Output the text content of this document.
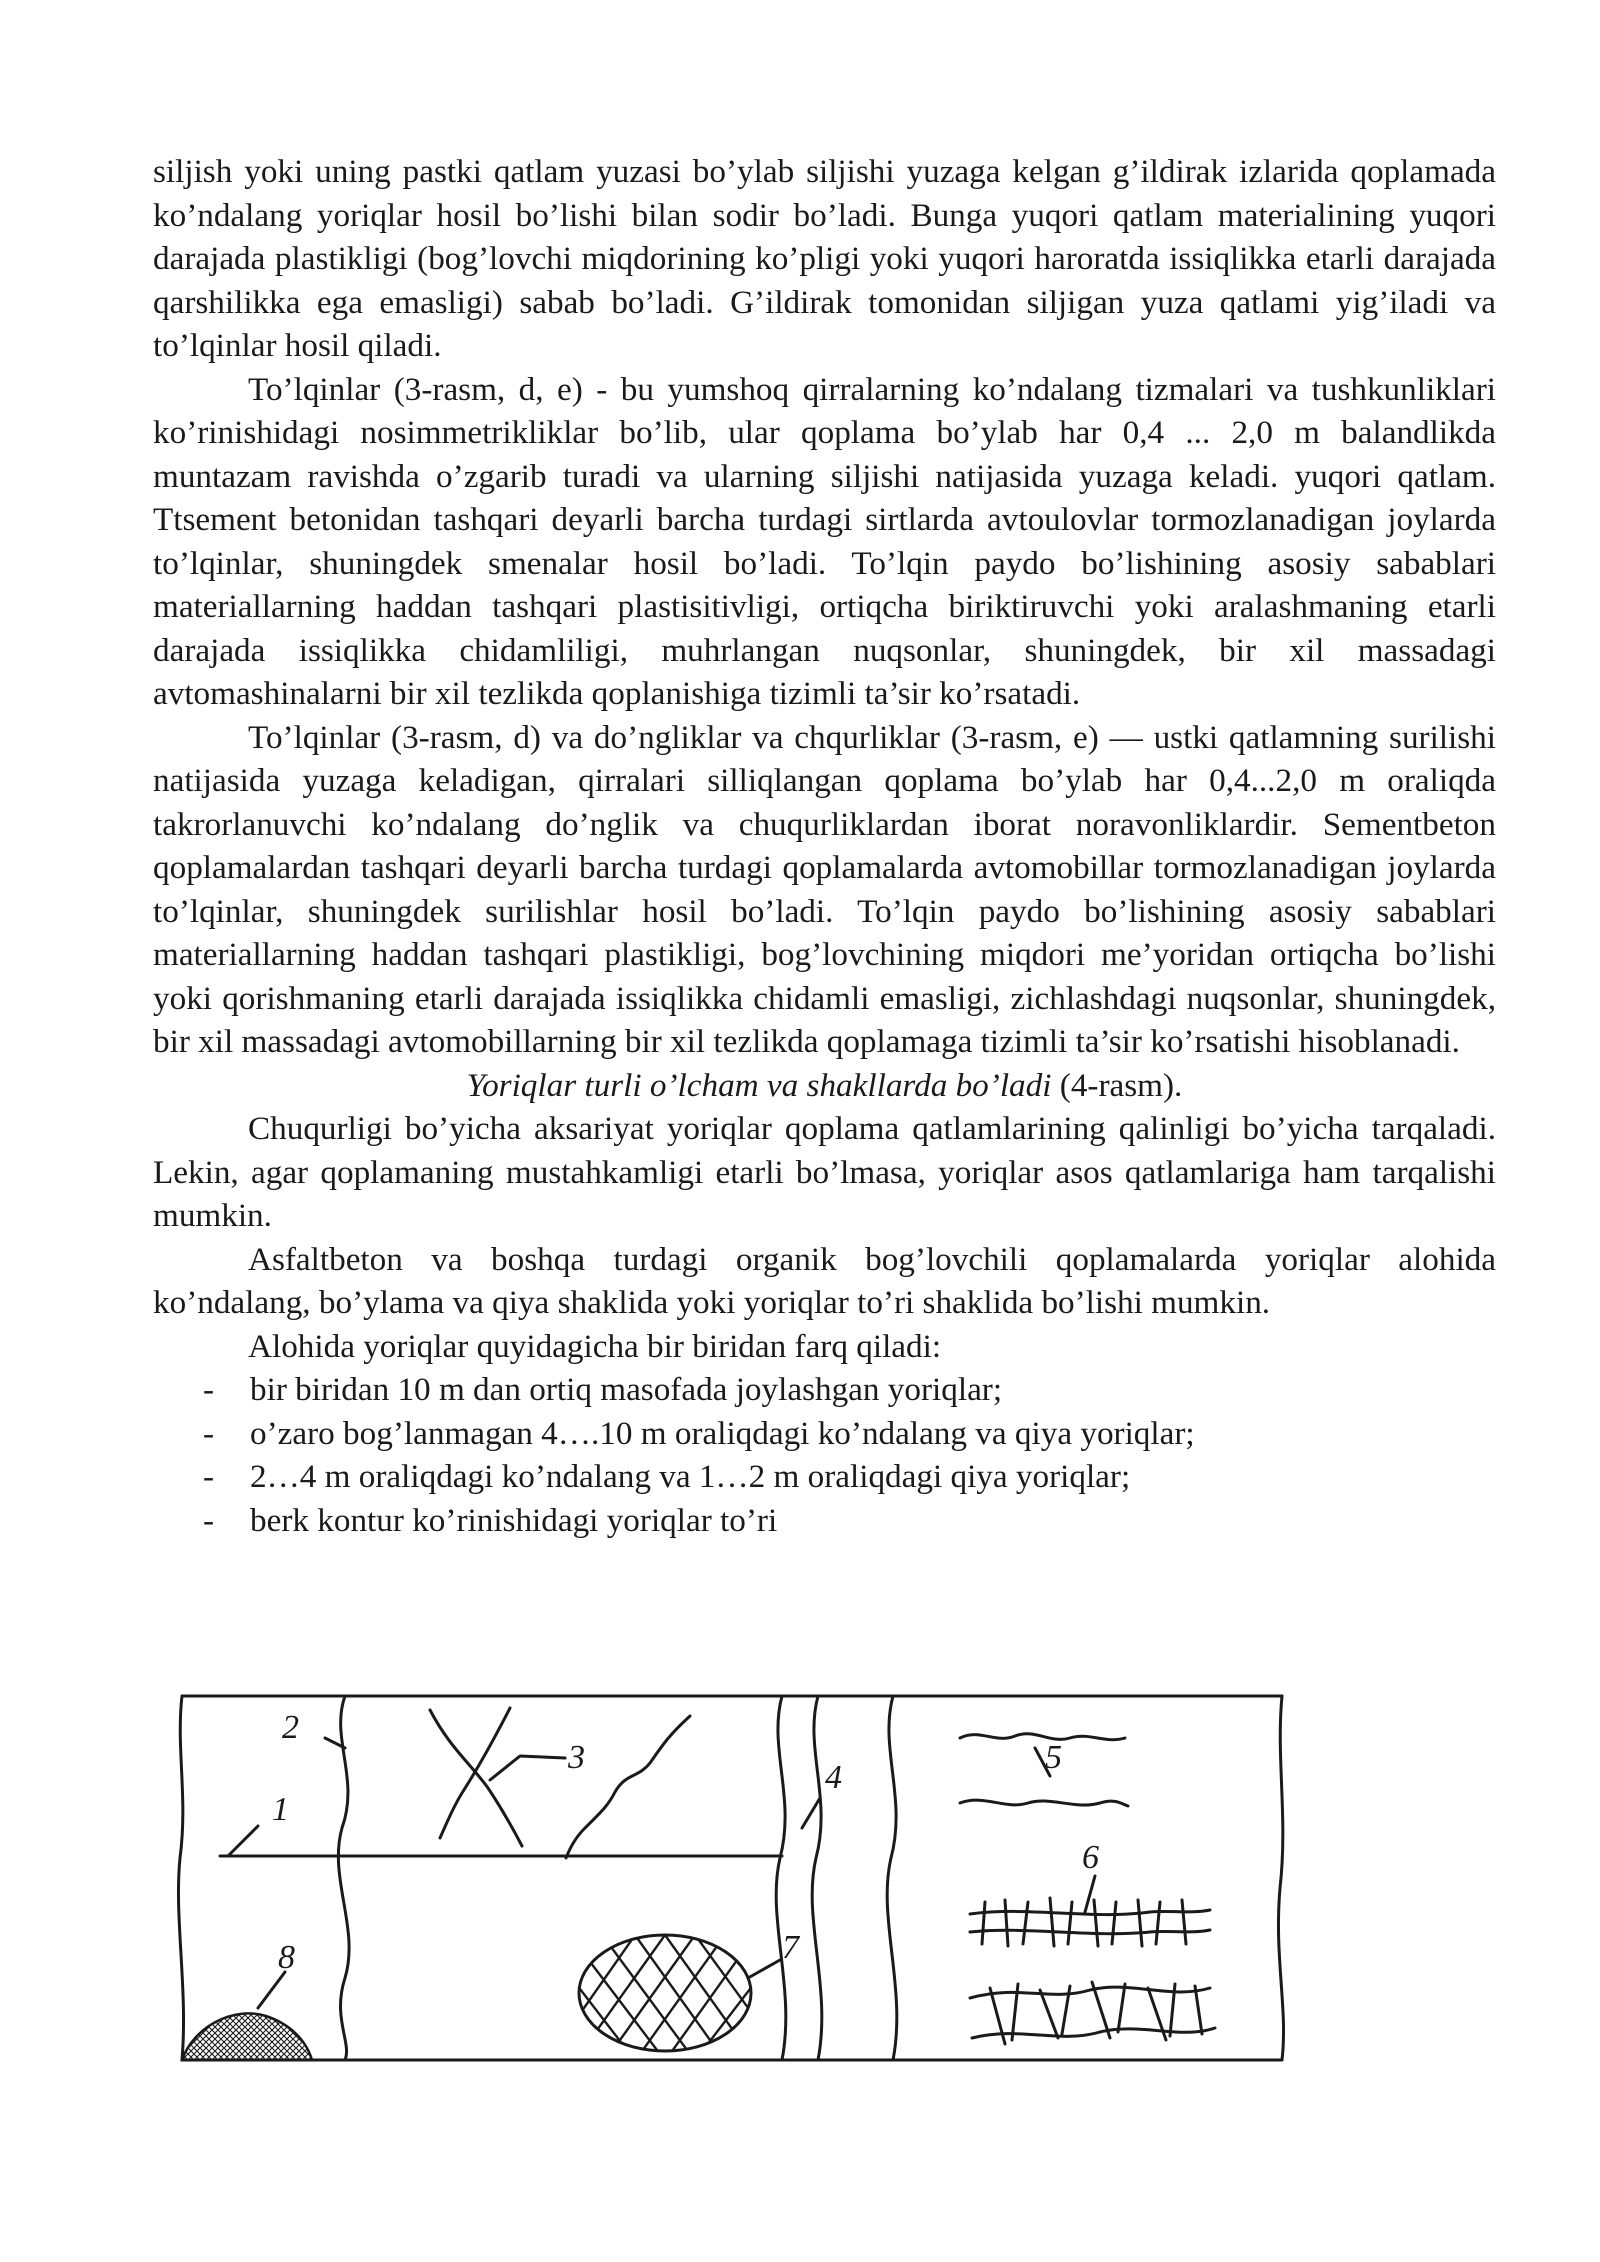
siljish yoki uning pastki qatlam yuzasi bo’ylab siljishi yuzaga kelgan g’ildirak izlarida qoplamada ko’ndalang yoriqlar hosil bo’lishi bilan sodir bo’ladi. Bunga yuqori qatlam materialining yuqori darajada plastikligi (bog’lovchi miqdorining ko’pligi yoki yuqori haroratda issiqlikka etarli darajada qarshilikka ega emasligi) sabab bo’ladi. G’ildirak tomonidan siljigan yuza qatlami yig’iladi va to’lqinlar hosil qiladi.

To’lqinlar (3-rasm, d, e) - bu yumshoq qirralarning ko’ndalang tizmalari va tushkunliklari ko’rinishidagi nosimmetrikliklar bo’lib, ular qoplama bo’ylab har 0,4 ... 2,0 m balandlikda muntazam ravishda o’zgarib turadi va ularning siljishi natijasida yuzaga keladi. yuqori qatlam. Ttsement betonidan tashqari deyarli barcha turdagi sirtlarda avtoulovlar tormozlanadigan joylarda to’lqinlar, shuningdek smenalar hosil bo’ladi. To’lqin paydo bo’lishining asosiy sabablari materiallarning haddan tashqari plastisitivligi, ortiqcha biriktiruvchi yoki aralashmaning etarli darajada issiqlikka chidamliligi, muhrlangan nuqsonlar, shuningdek, bir xil massadagi avtomashinalarni bir xil tezlikda qoplanishiga tizimli ta’sir ko’rsatadi.

To’lqinlar (3-rasm, d) va do’ngliklar va chqurliklar (3-rasm, e) — ustki qatlamning surilishi natijasida yuzaga keladigan, qirralari silliqlangan qoplama bo’ylab har 0,4...2,0 m oraliqda takrorlanuvchi ko’ndalang do’nglik va chuqurliklardan iborat noravonliklardir. Sementbeton qoplamalardan tashqari deyarli barcha turdagi qoplamalarda avtomobillar tormozlanadigan joylarda to’lqinlar, shuningdek surilishlar hosil bo’ladi. To’lqin paydo bo’lishining asosiy sabablari materiallarning haddan tashqari plastikligi, bog’lovchining miqdori me’yoridan ortiqcha bo’lishi yoki qorishmaning etarli darajada issiqlikka chidamli emasligi, zichlashdagi nuqsonlar, shuningdek, bir xil massadagi avtomobillarning bir xil tezlikda qoplamaga tizimli ta’sir ko’rsatishi hisoblanadi.

Yoriqlar turli o’lcham va shakllarda bo’ladi (4-rasm).

Chuqurligi bo’yicha aksariyat yoriqlar qoplama qatlamlarining qalinligi bo’yicha tarqaladi. Lekin, agar qoplamaning mustahkamligi etarli bo’lmasa, yoriqlar asos qatlamlariga ham tarqalishi mumkin.

Asfaltbeton va boshqa turdagi organik bog’lovchili qoplamalarda yoriqlar alohida ko’ndalang, bo’ylama va qiya shaklida yoki yoriqlar to’ri shaklida bo’lishi mumkin.

Alohida yoriqlar quyidagicha bir biridan farq qiladi:

- bir biridan 10 m dan ortiq masofada joylashgan yoriqlar;
- o’zaro bog’lanmagan 4….10 m oraliqdagi ko’ndalang va qiya yoriqlar;
- 2…4 m oraliqdagi ko’ndalang va 1…2 m oraliqdagi qiya yoriqlar;
- berk kontur ko’rinishidagi yoriqlar to’ri
1
2
3
4
5
6
7
8
